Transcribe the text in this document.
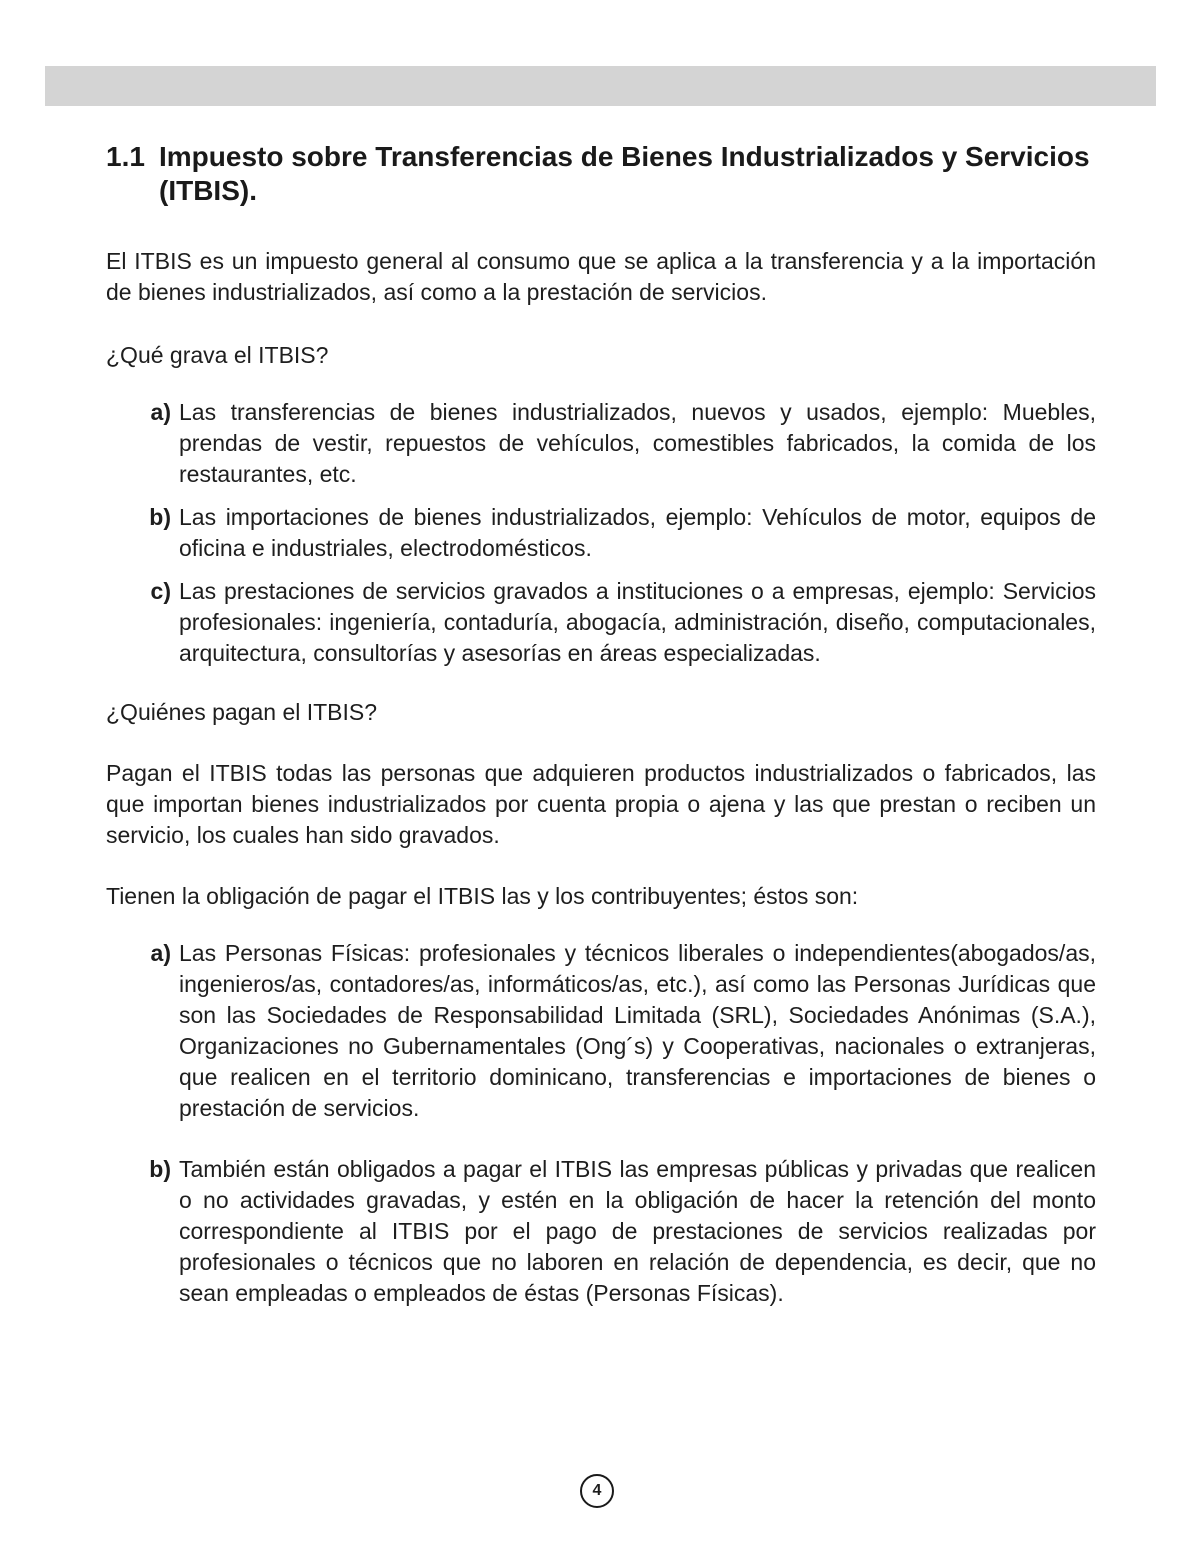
1.1 Impuesto sobre Transferencias de Bienes Industrializados y Servicios (ITBIS).

El ITBIS es un impuesto general al consumo que se aplica a la transferencia y a la importación de bienes industrializados, así como a la prestación de servicios.

¿Qué grava el ITBIS?

a) Las transferencias de bienes industrializados, nuevos y usados, ejemplo: Muebles, prendas de vestir, repuestos de vehículos, comestibles fabricados, la comida de los restaurantes, etc.

b) Las importaciones de bienes industrializados, ejemplo: Vehículos de motor, equipos de oficina e industriales, electrodomésticos.

c) Las prestaciones de servicios gravados a instituciones o a empresas, ejemplo: Servicios profesionales: ingeniería, contaduría, abogacía, administración, diseño, computacionales, arquitectura, consultorías y asesorías en áreas especializadas.

¿Quiénes pagan el ITBIS?

Pagan el ITBIS todas las personas que adquieren productos industrializados o fabricados, las que importan bienes industrializados por cuenta propia o ajena y las que prestan o reciben un servicio, los cuales han sido gravados.

Tienen la obligación de pagar el ITBIS las y los contribuyentes; éstos son:

a) Las Personas Físicas: profesionales y técnicos liberales o independientes(abogados/as, ingenieros/as, contadores/as, informáticos/as, etc.), así como las Personas Jurídicas que son las Sociedades de Responsabilidad Limitada (SRL), Sociedades Anónimas (S.A.), Organizaciones no Gubernamentales (Ong´s) y Cooperativas, nacionales o extranjeras, que realicen en el territorio dominicano, transferencias e importaciones de bienes o prestación de servicios.

b) También están obligados a pagar el ITBIS las empresas públicas y privadas que realicen o no actividades gravadas, y estén en la obligación de hacer la retención del monto correspondiente al ITBIS por el pago de prestaciones de servicios realizadas por profesionales o técnicos que no laboren en relación de dependencia, es decir, que no sean empleadas o empleados de éstas (Personas Físicas).

4
